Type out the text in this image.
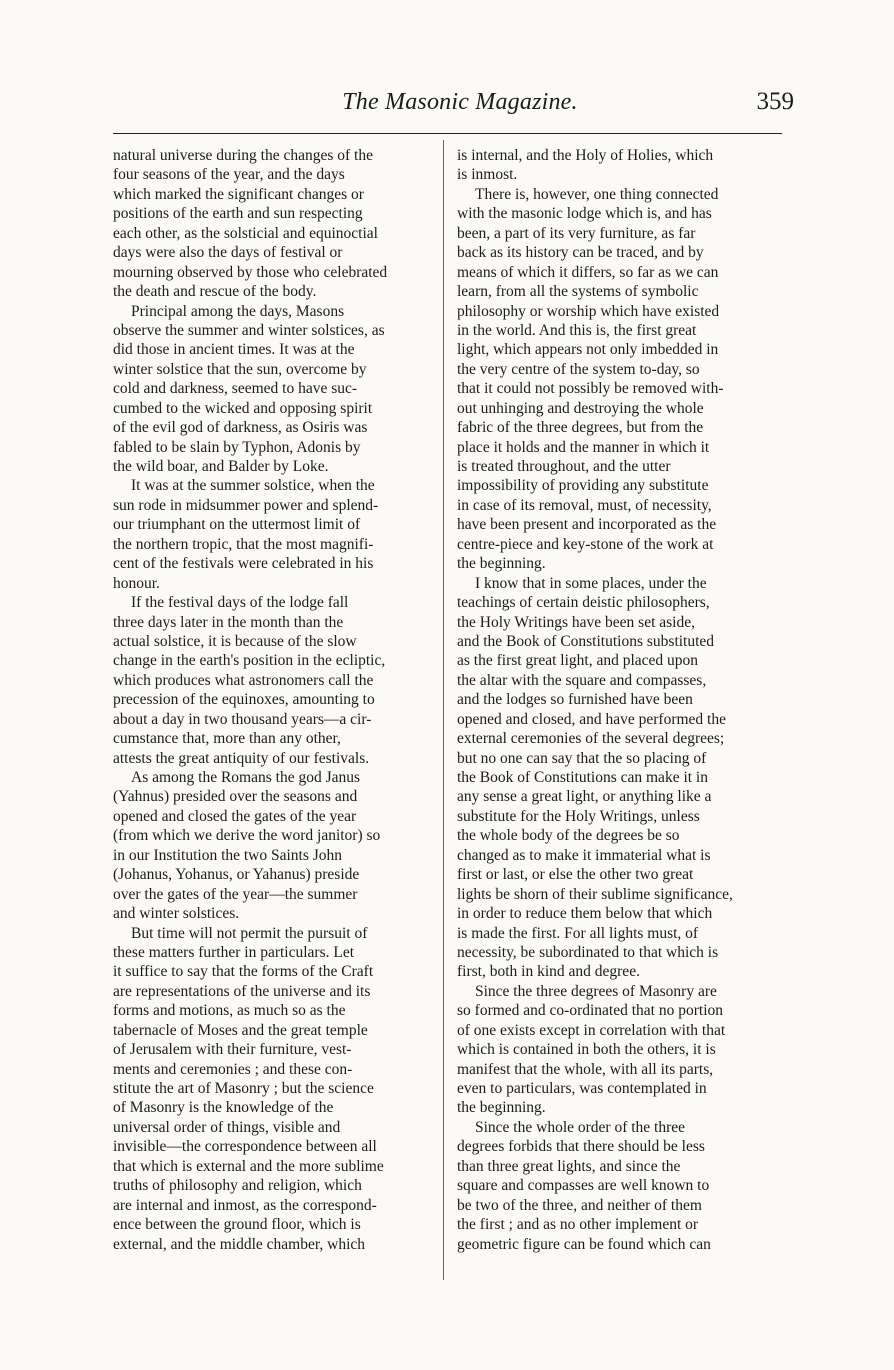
The Masonic Magazine.	359
natural universe during the changes of the
four seasons of the year, and the days
which marked the significant changes or
positions of the earth and sun respecting
each other, as the solsticial and equinoctial
days were also the days of festival or
mourning observed by those who celebrated
the death and rescue of the body.
Principal among the days, Masons
observe the summer and winter solstices, as
did those in ancient times. It was at the
winter solstice that the sun, overcome by
cold and darkness, seemed to have suc-
cumbed to the wicked and opposing spirit
of the evil god of darkness, as Osiris was
fabled to be slain by Typhon, Adonis by
the wild boar, and Balder by Loke.
It was at the summer solstice, when the
sun rode in midsummer power and splend-
our triumphant on the uttermost limit of
the northern tropic, that the most magnifi-
cent of the festivals were celebrated in his
honour.
If the festival days of the lodge fall
three days later in the month than the
actual solstice, it is because of the slow
change in the earth's position in the ecliptic,
which produces what astronomers call the
precession of the equinoxes, amounting to
about a day in two thousand years—a cir-
cumstance that, more than any other,
attests the great antiquity of our festivals.
As among the Romans the god Janus
(Yahnus) presided over the seasons and
opened and closed the gates of the year
(from which we derive the word janitor) so
in our Institution the two Saints John
(Johanus, Yohanus, or Yahanus) preside
over the gates of the year—the summer
and winter solstices.
But time will not permit the pursuit of
these matters further in particulars. Let
it suffice to say that the forms of the Craft
are representations of the universe and its
forms and motions, as much so as the
tabernacle of Moses and the great temple
of Jerusalem with their furniture, vest-
ments and ceremonies ; and these con-
stitute the art of Masonry ; but the science
of Masonry is the knowledge of the
universal order of things, visible and
invisible—the correspondence between all
that which is external and the more sublime
truths of philosophy and religion, which
are internal and inmost, as the correspond-
ence between the ground floor, which is
external, and the middle chamber, which
is internal, and the Holy of Holies, which
is inmost.
There is, however, one thing connected
with the masonic lodge which is, and has
been, a part of its very furniture, as far
back as its history can be traced, and by
means of which it differs, so far as we can
learn, from all the systems of symbolic
philosophy or worship which have existed
in the world. And this is, the first great
light, which appears not only imbedded in
the very centre of the system to-day, so
that it could not possibly be removed with-
out unhinging and destroying the whole
fabric of the three degrees, but from the
place it holds and the manner in which it
is treated throughout, and the utter
impossibility of providing any substitute
in case of its removal, must, of necessity,
have been present and incorporated as the
centre-piece and key-stone of the work at
the beginning.
I know that in some places, under the
teachings of certain deistic philosophers,
the Holy Writings have been set aside,
and the Book of Constitutions substituted
as the first great light, and placed upon
the altar with the square and compasses,
and the lodges so furnished have been
opened and closed, and have performed the
external ceremonies of the several degrees;
but no one can say that the so placing of
the Book of Constitutions can make it in
any sense a great light, or anything like a
substitute for the Holy Writings, unless
the whole body of the degrees be so
changed as to make it immaterial what is
first or last, or else the other two great
lights be shorn of their sublime significance,
in order to reduce them below that which
is made the first. For all lights must, of
necessity, be subordinated to that which is
first, both in kind and degree.
Since the three degrees of Masonry are
so formed and co-ordinated that no portion
of one exists except in correlation with that
which is contained in both the others, it is
manifest that the whole, with all its parts,
even to particulars, was contemplated in
the beginning.
Since the whole order of the three
degrees forbids that there should be less
than three great lights, and since the
square and compasses are well known to
be two of the three, and neither of them
the first ; and as no other implement or
geometric figure can be found which can
